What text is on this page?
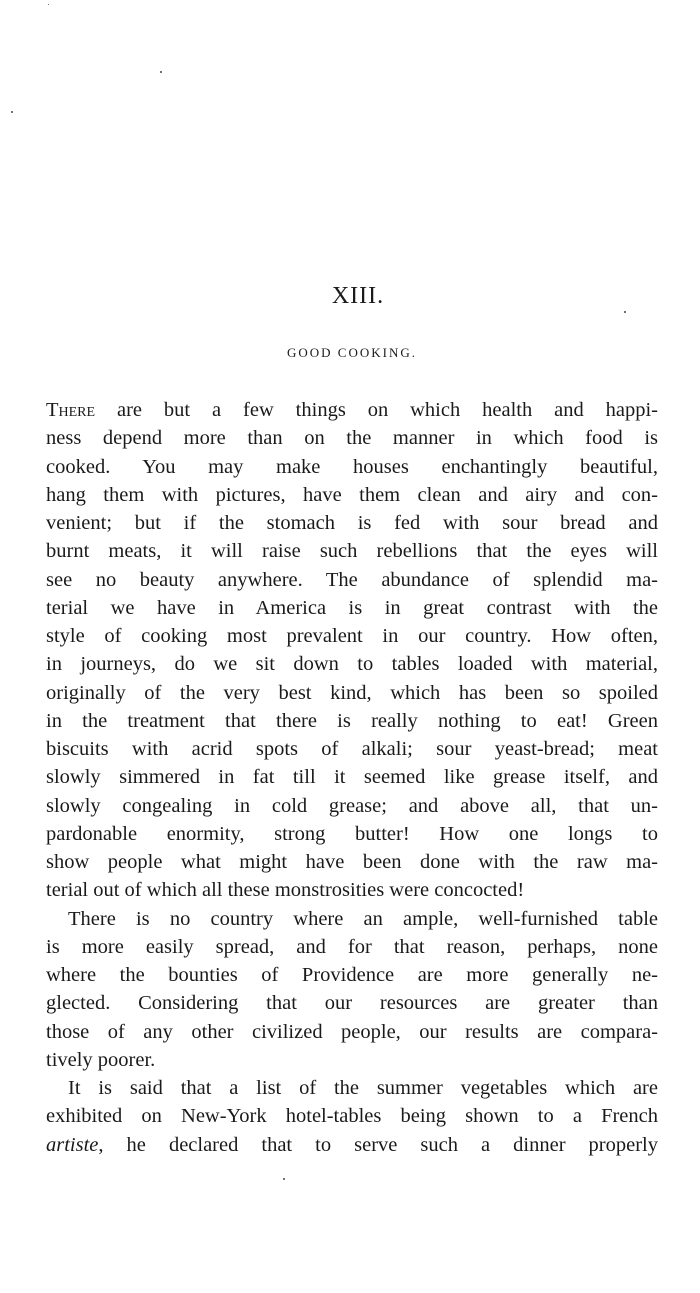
XIII.
GOOD COOKING.
There are but a few things on which health and happi-
ness depend more than on the manner in which food is
cooked. You may make houses enchantingly beautiful,
hang them with pictures, have them clean and airy and con-
venient; but if the stomach is fed with sour bread and
burnt meats, it will raise such rebellions that the eyes will
see no beauty anywhere. The abundance of splendid ma-
terial we have in America is in great contrast with the
style of cooking most prevalent in our country. How often,
in journeys, do we sit down to tables loaded with material,
originally of the very best kind, which has been so spoiled
in the treatment that there is really nothing to eat! Green
biscuits with acrid spots of alkali; sour yeast-bread; meat
slowly simmered in fat till it seemed like grease itself, and
slowly congealing in cold grease; and above all, that un-
pardonable enormity, strong butter! How one longs to
show people what might have been done with the raw ma-
terial out of which all these monstrosities were concocted!
There is no country where an ample, well-furnished table
is more easily spread, and for that reason, perhaps, none
where the bounties of Providence are more generally ne-
glected. Considering that our resources are greater than
those of any other civilized people, our results are compara-
tively poorer.
It is said that a list of the summer vegetables which are
exhibited on New-York hotel-tables being shown to a French
artiste, he declared that to serve such a dinner properly
